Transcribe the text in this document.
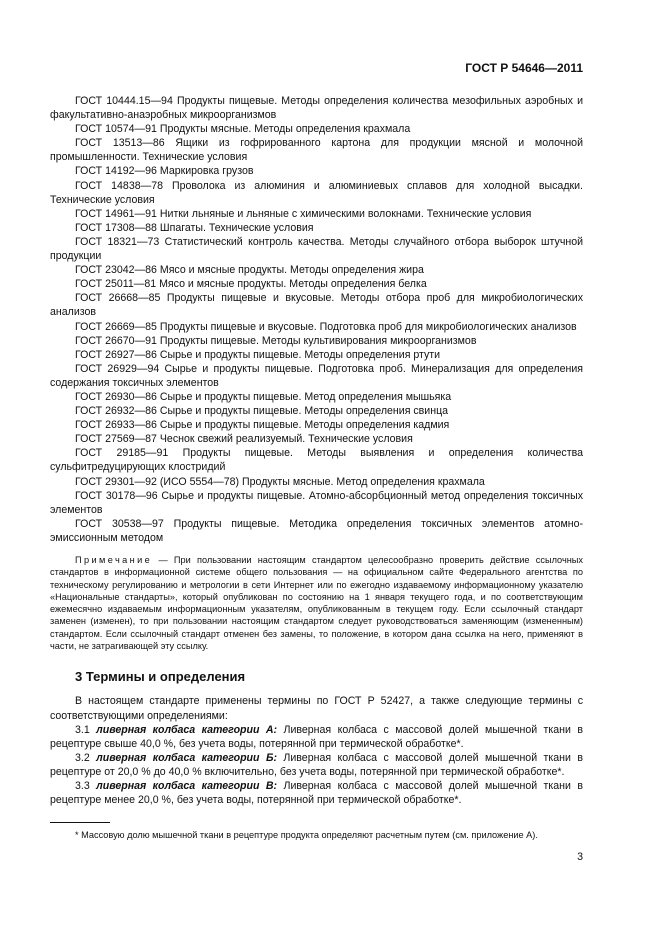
ГОСТ Р 54646—2011
ГОСТ 10444.15—94 Продукты пищевые. Методы определения количества мезофильных аэробных и факультативно-анаэробных микроорганизмов
ГОСТ 10574—91 Продукты мясные. Методы определения крахмала
ГОСТ 13513—86 Ящики из гофрированного картона для продукции мясной и молочной промышленности. Технические условия
ГОСТ 14192—96 Маркировка грузов
ГОСТ 14838—78 Проволока из алюминия и алюминиевых сплавов для холодной высадки. Технические условия
ГОСТ 14961—91 Нитки льняные и льняные с химическими волокнами. Технические условия
ГОСТ 17308—88 Шпагаты. Технические условия
ГОСТ 18321—73 Статистический контроль качества. Методы случайного отбора выборок штучной продукции
ГОСТ 23042—86 Мясо и мясные продукты. Методы определения жира
ГОСТ 25011—81 Мясо и мясные продукты. Методы определения белка
ГОСТ 26668—85 Продукты пищевые и вкусовые. Методы отбора проб для микробиологических анализов
ГОСТ 26669—85 Продукты пищевые и вкусовые. Подготовка проб для микробиологических анализов
ГОСТ 26670—91 Продукты пищевые. Методы культивирования микроорганизмов
ГОСТ 26927—86 Сырье и продукты пищевые. Методы определения ртути
ГОСТ 26929—94 Сырье и продукты пищевые. Подготовка проб. Минерализация для определения содержания токсичных элементов
ГОСТ 26930—86 Сырье и продукты пищевые. Метод определения мышьяка
ГОСТ 26932—86 Сырье и продукты пищевые. Методы определения свинца
ГОСТ 26933—86 Сырье и продукты пищевые. Методы определения кадмия
ГОСТ 27569—87 Чеснок свежий реализуемый. Технические условия
ГОСТ 29185—91 Продукты пищевые. Методы выявления и определения количества сульфитредуцирующих клостридий
ГОСТ 29301—92 (ИСО 5554—78) Продукты мясные. Метод определения крахмала
ГОСТ 30178—96 Сырье и продукты пищевые. Атомно-абсорбционный метод определения токсичных элементов
ГОСТ 30538—97 Продукты пищевые. Методика определения токсичных элементов атомно-эмиссионным методом
Примечание — При пользовании настоящим стандартом целесообразно проверить действие ссылочных стандартов в информационной системе общего пользования — на официальном сайте Федерального агентства по техническому регулированию и метрологии в сети Интернет или по ежегодно издаваемому информационному указателю «Национальные стандарты», который опубликован по состоянию на 1 января текущего года, и по соответствующим ежемесячно издаваемым информационным указателям, опубликованным в текущем году. Если ссылочный стандарт заменен (изменен), то при пользовании настоящим стандартом следует руководствоваться заменяющим (измененным) стандартом. Если ссылочный стандарт отменен без замены, то положение, в котором дана ссылка на него, применяют в части, не затрагивающей эту ссылку.
3 Термины и определения
В настоящем стандарте применены термины по ГОСТ Р 52427, а также следующие термины с соответствующими определениями:
3.1 ливерная колбаса категории А: Ливерная колбаса с массовой долей мышечной ткани в рецептуре свыше 40,0 %, без учета воды, потерянной при термической обработке*.
3.2 ливерная колбаса категории Б: Ливерная колбаса с массовой долей мышечной ткани в рецептуре от 20,0 % до 40,0 % включительно, без учета воды, потерянной при термической обработке*.
3.3 ливерная колбаса категории В: Ливерная колбаса с массовой долей мышечной ткани в рецептуре менее 20,0 %, без учета воды, потерянной при термической обработке*.
* Массовую долю мышечной ткани в рецептуре продукта определяют расчетным путем (см. приложение А).
3
